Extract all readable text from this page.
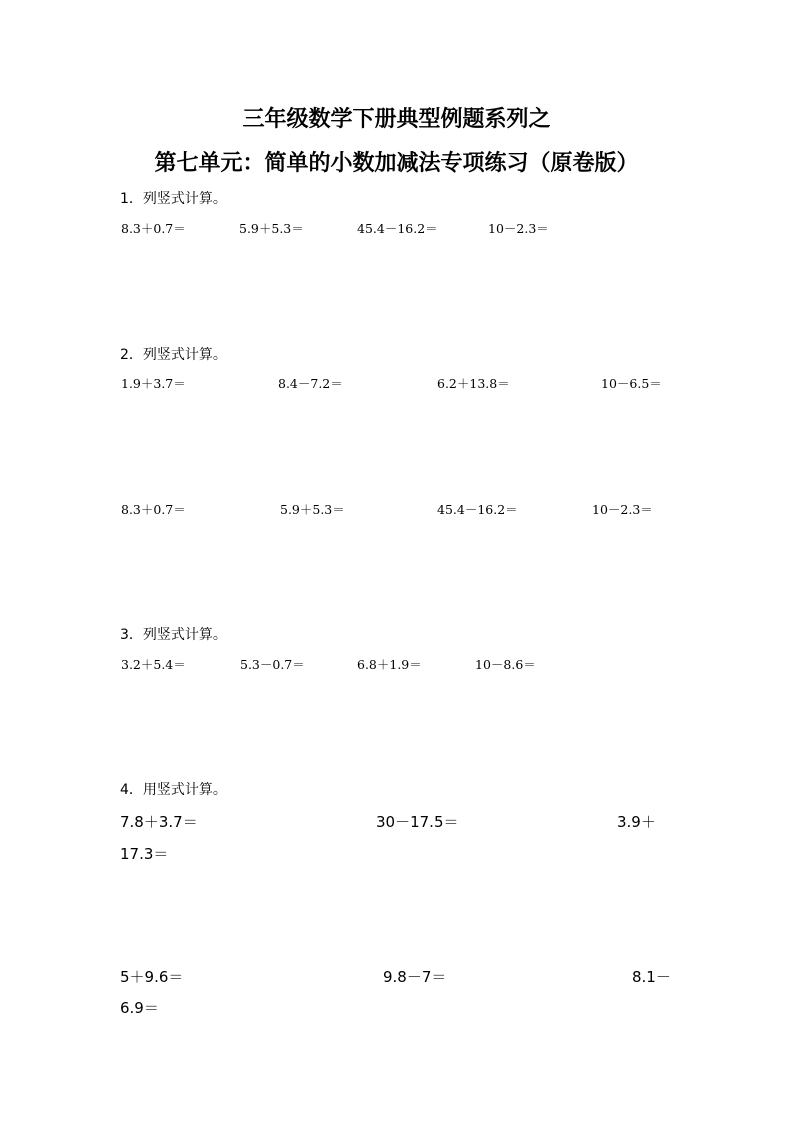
三年级数学下册典型例题系列之
第七单元：简单的小数加减法专项练习（原卷版）
1．列竖式计算。
8.3＋0.7＝	5.9＋5.3＝	45.4－16.2＝	10－2.3＝
2．列竖式计算。
1.9＋3.7＝	8.4－7.2＝	6.2＋13.8＝	10－6.5＝
8.3＋0.7＝	5.9＋5.3＝	45.4－16.2＝	10－2.3＝
3．列竖式计算。
3.2＋5.4＝	5.3－0.7＝	6.8＋1.9＝	10－8.6＝
4．用竖式计算。
7.8＋3.7＝	30－17.5＝	3.9＋
17.3＝
5＋9.6＝	9.8－7＝	8.1－
6.9＝
